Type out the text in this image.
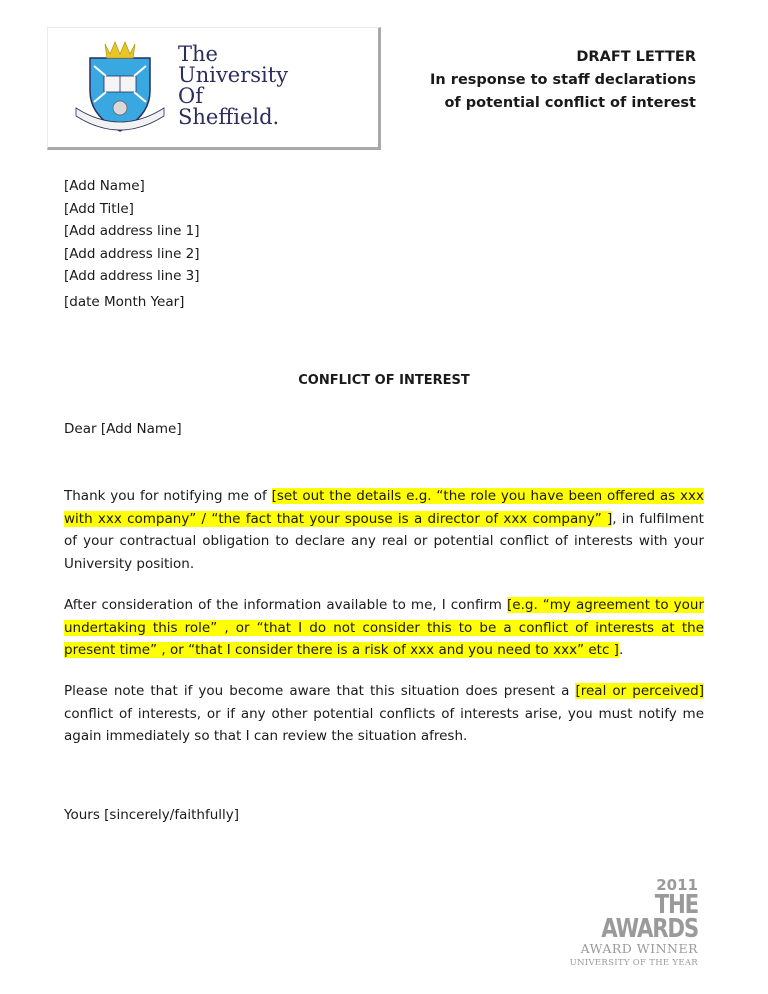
The
University
Of
Sheffield.
DRAFT LETTER
In response to staff declarations
of potential conflict of interest
[Add Name]
[Add Title]
[Add address line 1]
[Add address line 2]
[Add address line 3]
[date Month Year]
CONFLICT OF INTEREST
Dear [Add Name]
Thank you for notifying me of [set out the details e.g. “the role you have been offered as xxx with xxx company” / “the fact that your spouse is a director of xxx company” ], in fulfilment of your contractual obligation to declare any real or potential conflict of interests with your University position.
After consideration of the information available to me, I confirm [e.g. “my agreement to your undertaking this role” , or “that I do not consider this to be a conflict of interests at the present time” , or “that I consider there is a risk of xxx and you need to xxx” etc ].
Please note that if you become aware that this situation does present a [real or perceived] conflict of interests, or if any other potential conflicts of interests arise, you must notify me again immediately so that I can review the situation afresh.
Yours [sincerely/faithfully]
2011
THE AWARDS
AWARD WINNER
UNIVERSITY OF THE YEAR
